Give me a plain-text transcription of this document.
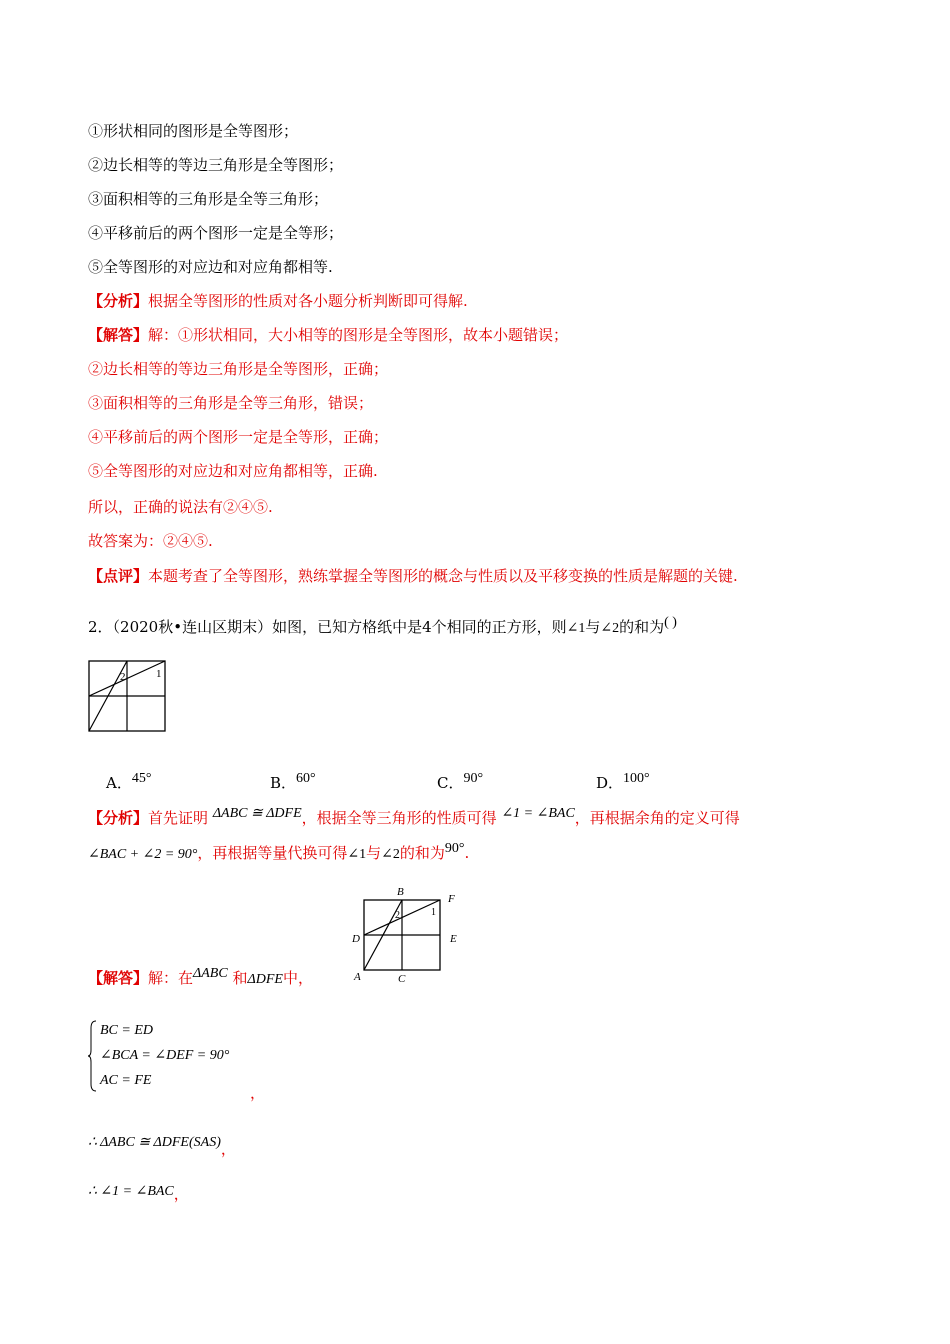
①形状相同的图形是全等图形；
②边长相等的等边三角形是全等图形；
③面积相等的三角形是全等三角形；
④平移前后的两个图形一定是全等形；
⑤全等图形的对应边和对应角都相等.
【分析】根据全等图形的性质对各小题分析判断即可得解.
【解答】解：①形状相同，大小相等的图形是全等图形，故本小题错误；
②边长相等的等边三角形是全等图形，正确；
③面积相等的三角形是全等三角形，错误；
④平移前后的两个图形一定是全等形，正确；
⑤全等图形的对应边和对应角都相等，正确.
所以，正确的说法有②④⑤.
故答案为：②④⑤.
【点评】本题考查了全等图形，熟练掌握全等图形的概念与性质以及平移变换的性质是解题的关键.
2．（2020秋•连山区期末）如图，已知方格纸中是4个相同的正方形，则∠1与∠2的和为( )
2	1
A．45°	B．60°	C．90°	D．100°
【分析】首先证明 ΔABC ≅ ΔDFE，根据全等三角形的性质可得 ∠1 = ∠BAC，再根据余角的定义可得
∠BAC + ∠2 = 90°，再根据等量代换可得∠1与∠2的和为90°.
B
F
D	E
A	C
2	1
【解答】解：在ΔABC 和ΔDFE中，
BC = ED
∠BCA = ∠DEF = 90°
AC = FE
，
∴ ΔABC ≅ ΔDFE(SAS)，
∴ ∠1 = ∠BAC，
